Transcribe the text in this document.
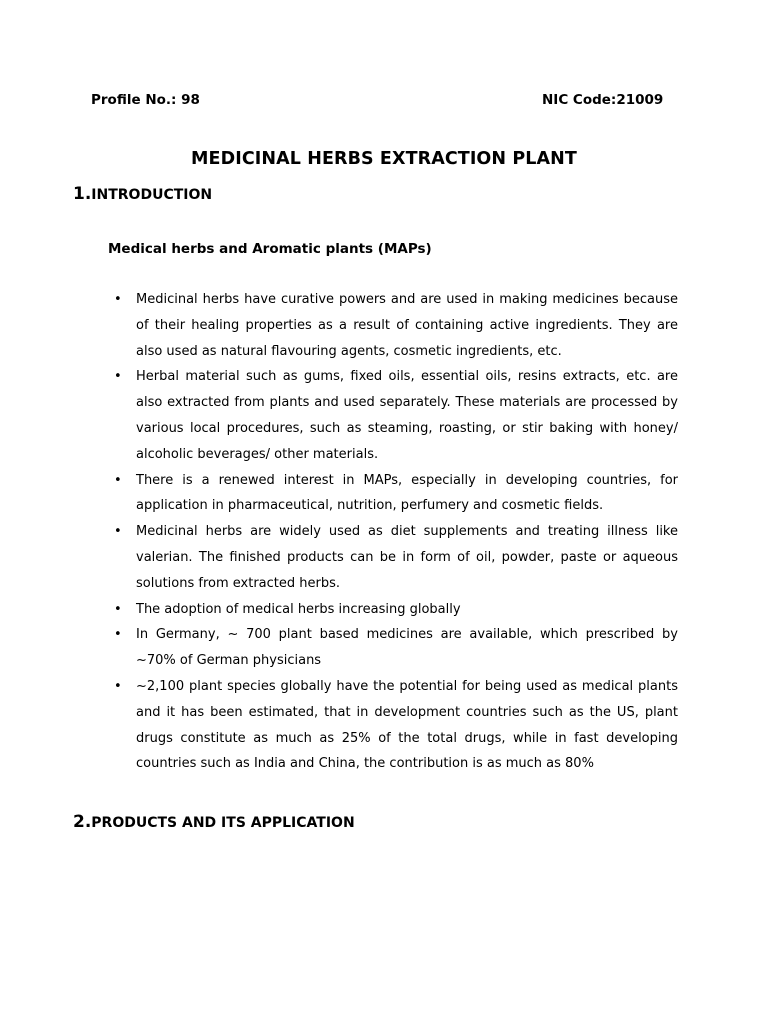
Profile No.: 98	NIC Code:21009
MEDICINAL HERBS EXTRACTION PLANT
1.INTRODUCTION
Medical herbs and Aromatic plants (MAPs)
• Medicinal herbs have curative powers and are used in making medicines because of their healing properties as a result of containing active ingredients. They are also used as natural flavouring agents, cosmetic ingredients, etc.
• Herbal material such as gums, fixed oils, essential oils, resins extracts, etc. are also extracted from plants and used separately. These materials are processed by various local procedures, such as steaming, roasting, or stir baking with honey/ alcoholic beverages/ other materials.
• There is a renewed interest in MAPs, especially in developing countries, for application in pharmaceutical, nutrition, perfumery and cosmetic fields.
• Medicinal herbs are widely used as diet supplements and treating illness like valerian. The finished products can be in form of oil, powder, paste or aqueous solutions from extracted herbs.
• The adoption of medical herbs increasing globally
• In Germany, ~ 700 plant based medicines are available, which prescribed by ~70% of German physicians
• ~2,100 plant species globally have the potential for being used as medical plants and it has been estimated, that in development countries such as the US, plant drugs constitute as much as 25% of the total drugs, while in fast developing countries such as India and China, the contribution is as much as 80%
2.PRODUCTS AND ITS APPLICATION
